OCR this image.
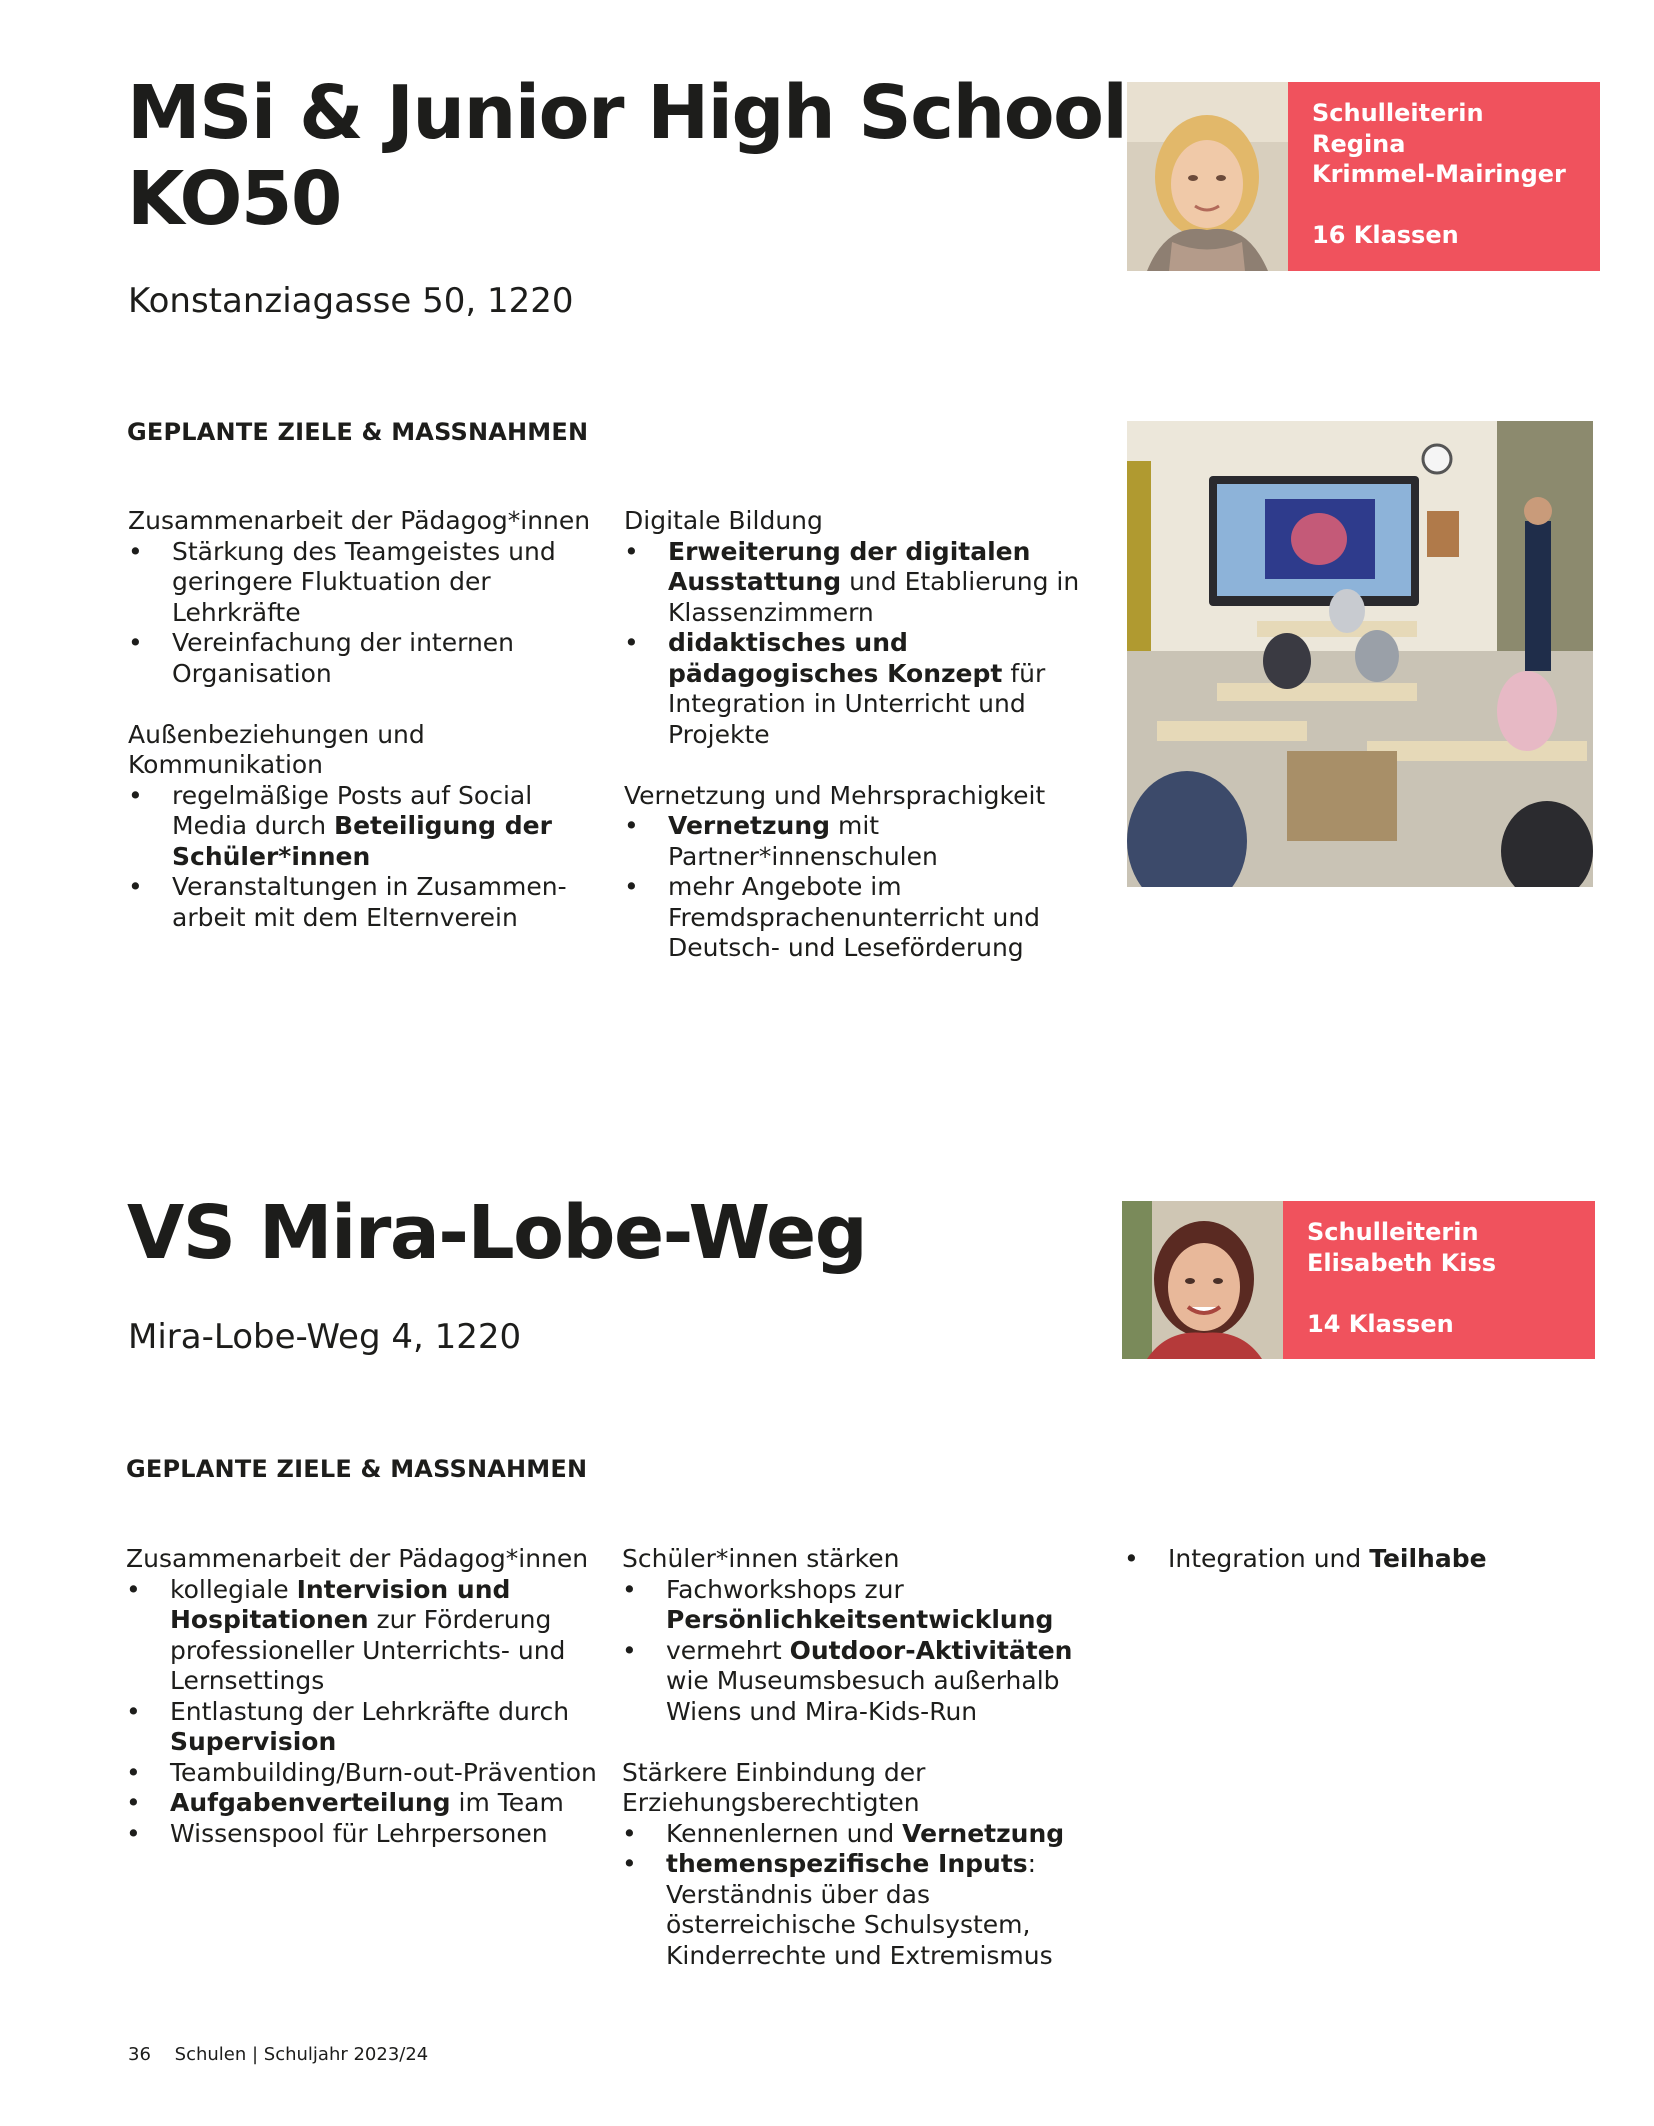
MSi & Junior High School
KO50

Konstanziagasse 50, 1220

Schulleiterin
Regina
Krimmel-Mairinger
16 Klassen
GEPLANTE ZIELE & MASSNAHMEN
Zusammenarbeit der Pädagog*innen
• Stärkung des Teamgeistes und geringere Fluktuation der Lehrkräfte
• Vereinfachung der internen Organisation
Außenbeziehungen und Kommunikation
• regelmäßige Posts auf Social Media durch Beteiligung der Schüler*innen
• Veranstaltungen in Zusammen-arbeit mit dem Elternverein
Digitale Bildung
• Erweiterung der digitalen Ausstattung und Etablierung in Klassenzimmern
• didaktisches und pädagogisches Konzept für Integration in Unterricht und Projekte
Vernetzung und Mehrsprachigkeit
• Vernetzung mit Partner*innenschulen
• mehr Angebote im Fremdsprachenunterricht und Deutsch- und Leseförderung
VS Mira-Lobe-Weg

Mira-Lobe-Weg 4, 1220

Schulleiterin
Elisabeth Kiss
14 Klassen
GEPLANTE ZIELE & MASSNAHMEN
Zusammenarbeit der Pädagog*innen
• kollegiale Intervision und Hospitationen zur Förderung professioneller Unterrichts- und Lernsettings
• Entlastung der Lehrkräfte durch Supervision
• Teambuilding/Burn-out-Prävention
• Aufgabenverteilung im Team
• Wissenspool für Lehrpersonen
Schüler*innen stärken
• Fachworkshops zur Persönlichkeitsentwicklung
• vermehrt Outdoor-Aktivitäten wie Museumsbesuch außerhalb Wiens und Mira-Kids-Run
Stärkere Einbindung der Erziehungsberechtigten
• Kennenlernen und Vernetzung
• themenspezifische Inputs: Verständnis über das österreichische Schulsystem, Kinderrechte und Extremismus
• Integration und Teilhabe
36 Schulen | Schuljahr 2023/24
